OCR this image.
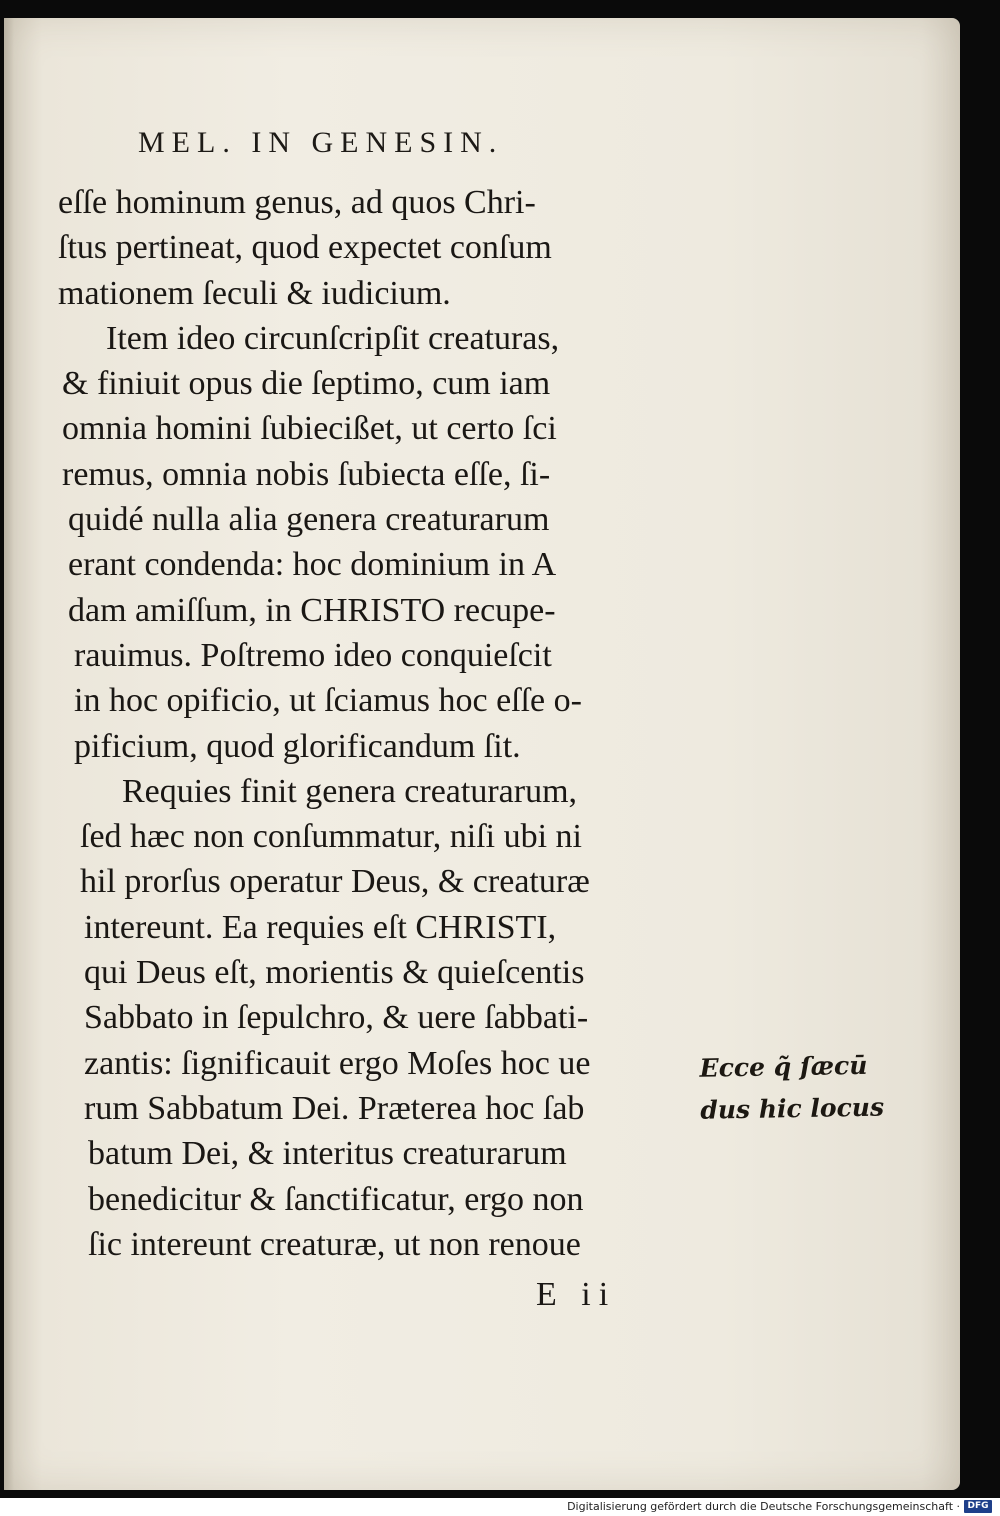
MEL. IN GENESIN.
eſſe hominum genus, ad quos Chri-
ſtus pertineat, quod expectet conſum
mationem ſeculi & iudicium.
Item ideo circunſcripſit creaturas,
& finiuit opus die ſeptimo, cum iam
omnia homini ſubiecißet, ut certo ſci
remus, omnia nobis ſubiecta eſſe, ſi-
quidé nulla alia genera creaturarum
erant condenda: hoc dominium in A
dam amiſſum, in CHRISTO recupe-
rauimus. Poſtremo ideo conquieſcit
in hoc opificio, ut ſciamus hoc eſſe o-
pificium, quod glorificandum ſit.
Requies finit genera creaturarum,
ſed hæc non conſummatur, niſi ubi ni
hil prorſus operatur Deus, & creaturæ
intereunt. Ea requies eſt CHRISTI,
qui Deus eſt, morientis & quieſcentis
Sabbato in ſepulchro, & uere ſabbati-
zantis: ſignificauit ergo Moſes hoc ue
rum Sabbatum Dei. Præterea hoc ſab
batum Dei, & interitus creaturarum
benedicitur & ſanctificatur, ergo non
ſic intereunt creaturæ, ut non renoue
E ii
Ecce q̃ ſæcū
dus hic locus
Digitalisierung gefördert durch die Deutsche Forschungsgemeinschaft · DFG
